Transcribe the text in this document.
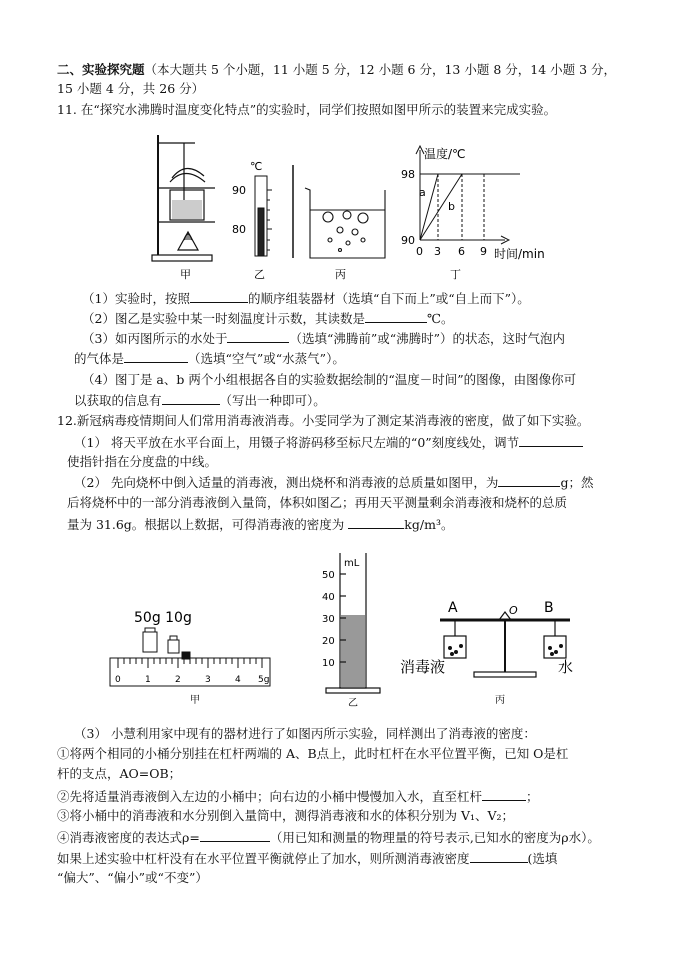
二、实验探究题（本大题共 5 个小题，11 小题 5 分，12 小题 6 分，13 小题 8 分，14 小题 3 分，
15 小题 4 分，共 26 分）
11. 在“探究水沸腾时温度变化特点”的实验时，同学们按照如图甲所示的装置来完成实验。
℃
90
80
温度/℃
98
90
0 3 6 9 时间/min
a
b
甲	乙	丙	丁
（1）实验时，按照	的顺序组装器材（选填“自下而上”或“自上而下”）。
（2）图乙是实验中某一时刻温度计示数，其读数是	℃。
（3）如丙图所示的水处于	（选填“沸腾前”或“沸腾时”）的状态，这时气泡内
的气体是	（选填“空气”或“水蒸气”）。
（4）图丁是 a、b 两个小组根据各自的实验数据绘制的“温度－时间”的图像，由图像你可
以获取的信息有	（写出一种即可）。
12.新冠病毒疫情期间人们常用消毒液消毒。小雯同学为了测定某消毒液的密度，做了如下实验。
（1） 将天平放在水平台面上，用镊子将游码移至标尺左端的“0”刻度线处，调节
使指针指在分度盘的中线。
（2） 先向烧杯中倒入适量的消毒液，测出烧杯和消毒液的总质量如图甲，为	g；然
后将烧杯中的一部分消毒液倒入量筒，体积如图乙；再用天平测量剩余消毒液和烧杯的总质
量为 31.6g。根据以上数据，可得消毒液的密度为	kg/m³。
50g 10g
0	1	2	3	4 5g
甲
mL
50
40
30
20
10
乙
A	O B
消毒液	水
丙
（3） 小慧利用家中现有的器材进行了如图丙所示实验，同样测出了消毒液的密度：
①将两个相同的小桶分别挂在杠杆两端的 A、B点上，此时杠杆在水平位置平衡，已知 O是杠
杆的支点，AO=OB；
②先将适量消毒液倒入左边的小桶中；向右边的小桶中慢慢加入水，直至杠杆	；
③将小桶中的消毒液和水分别倒入量筒中，测得消毒液和水的体积分别为 V₁、V₂；
④消毒液密度的表达式ρ=	（用已知和测量的物理量的符号表示,已知水的密度为ρ水）。
如果上述实验中杠杆没有在水平位置平衡就停止了加水，则所测消毒液密度	(选填
“偏大”、“偏小”或“不变”）
